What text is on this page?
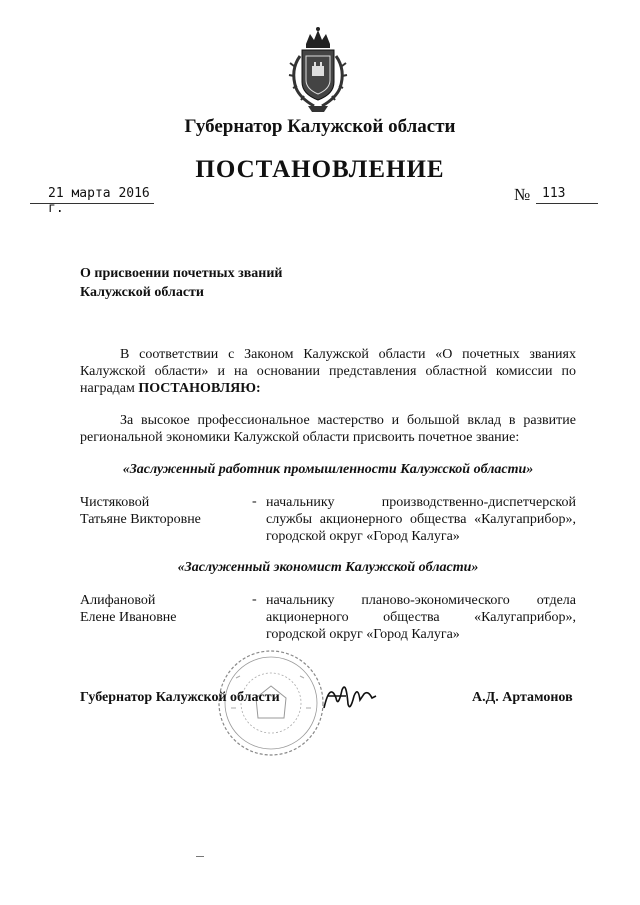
Губернатор Калужской области
ПОСТАНОВЛЕНИЕ
21 марта 2016 г.
№ 113
О присвоении почетных званий
Калужской области
В соответствии с Законом Калужской области «О почетных званиях Калужской области» и на основании представления областной комиссии по наградам ПОСТАНОВЛЯЮ:
За высокое профессиональное мастерство и большой вклад в развитие региональной экономики Калужской области присвоить почетное звание:
«Заслуженный работник промышленности Калужской области»
Чистяковой
Татьяне Викторовне
- начальнику производственно-диспетчерской службы акционерного общества «Калугаприбор», городской округ «Город Калуга»
«Заслуженный экономист Калужской области»
Алифановой
Елене Ивановне
- начальнику планово-экономического отдела акционерного общества «Калугаприбор», городской округ «Город Калуга»
Губернатор Калужской области	А.Д. Артамонов
